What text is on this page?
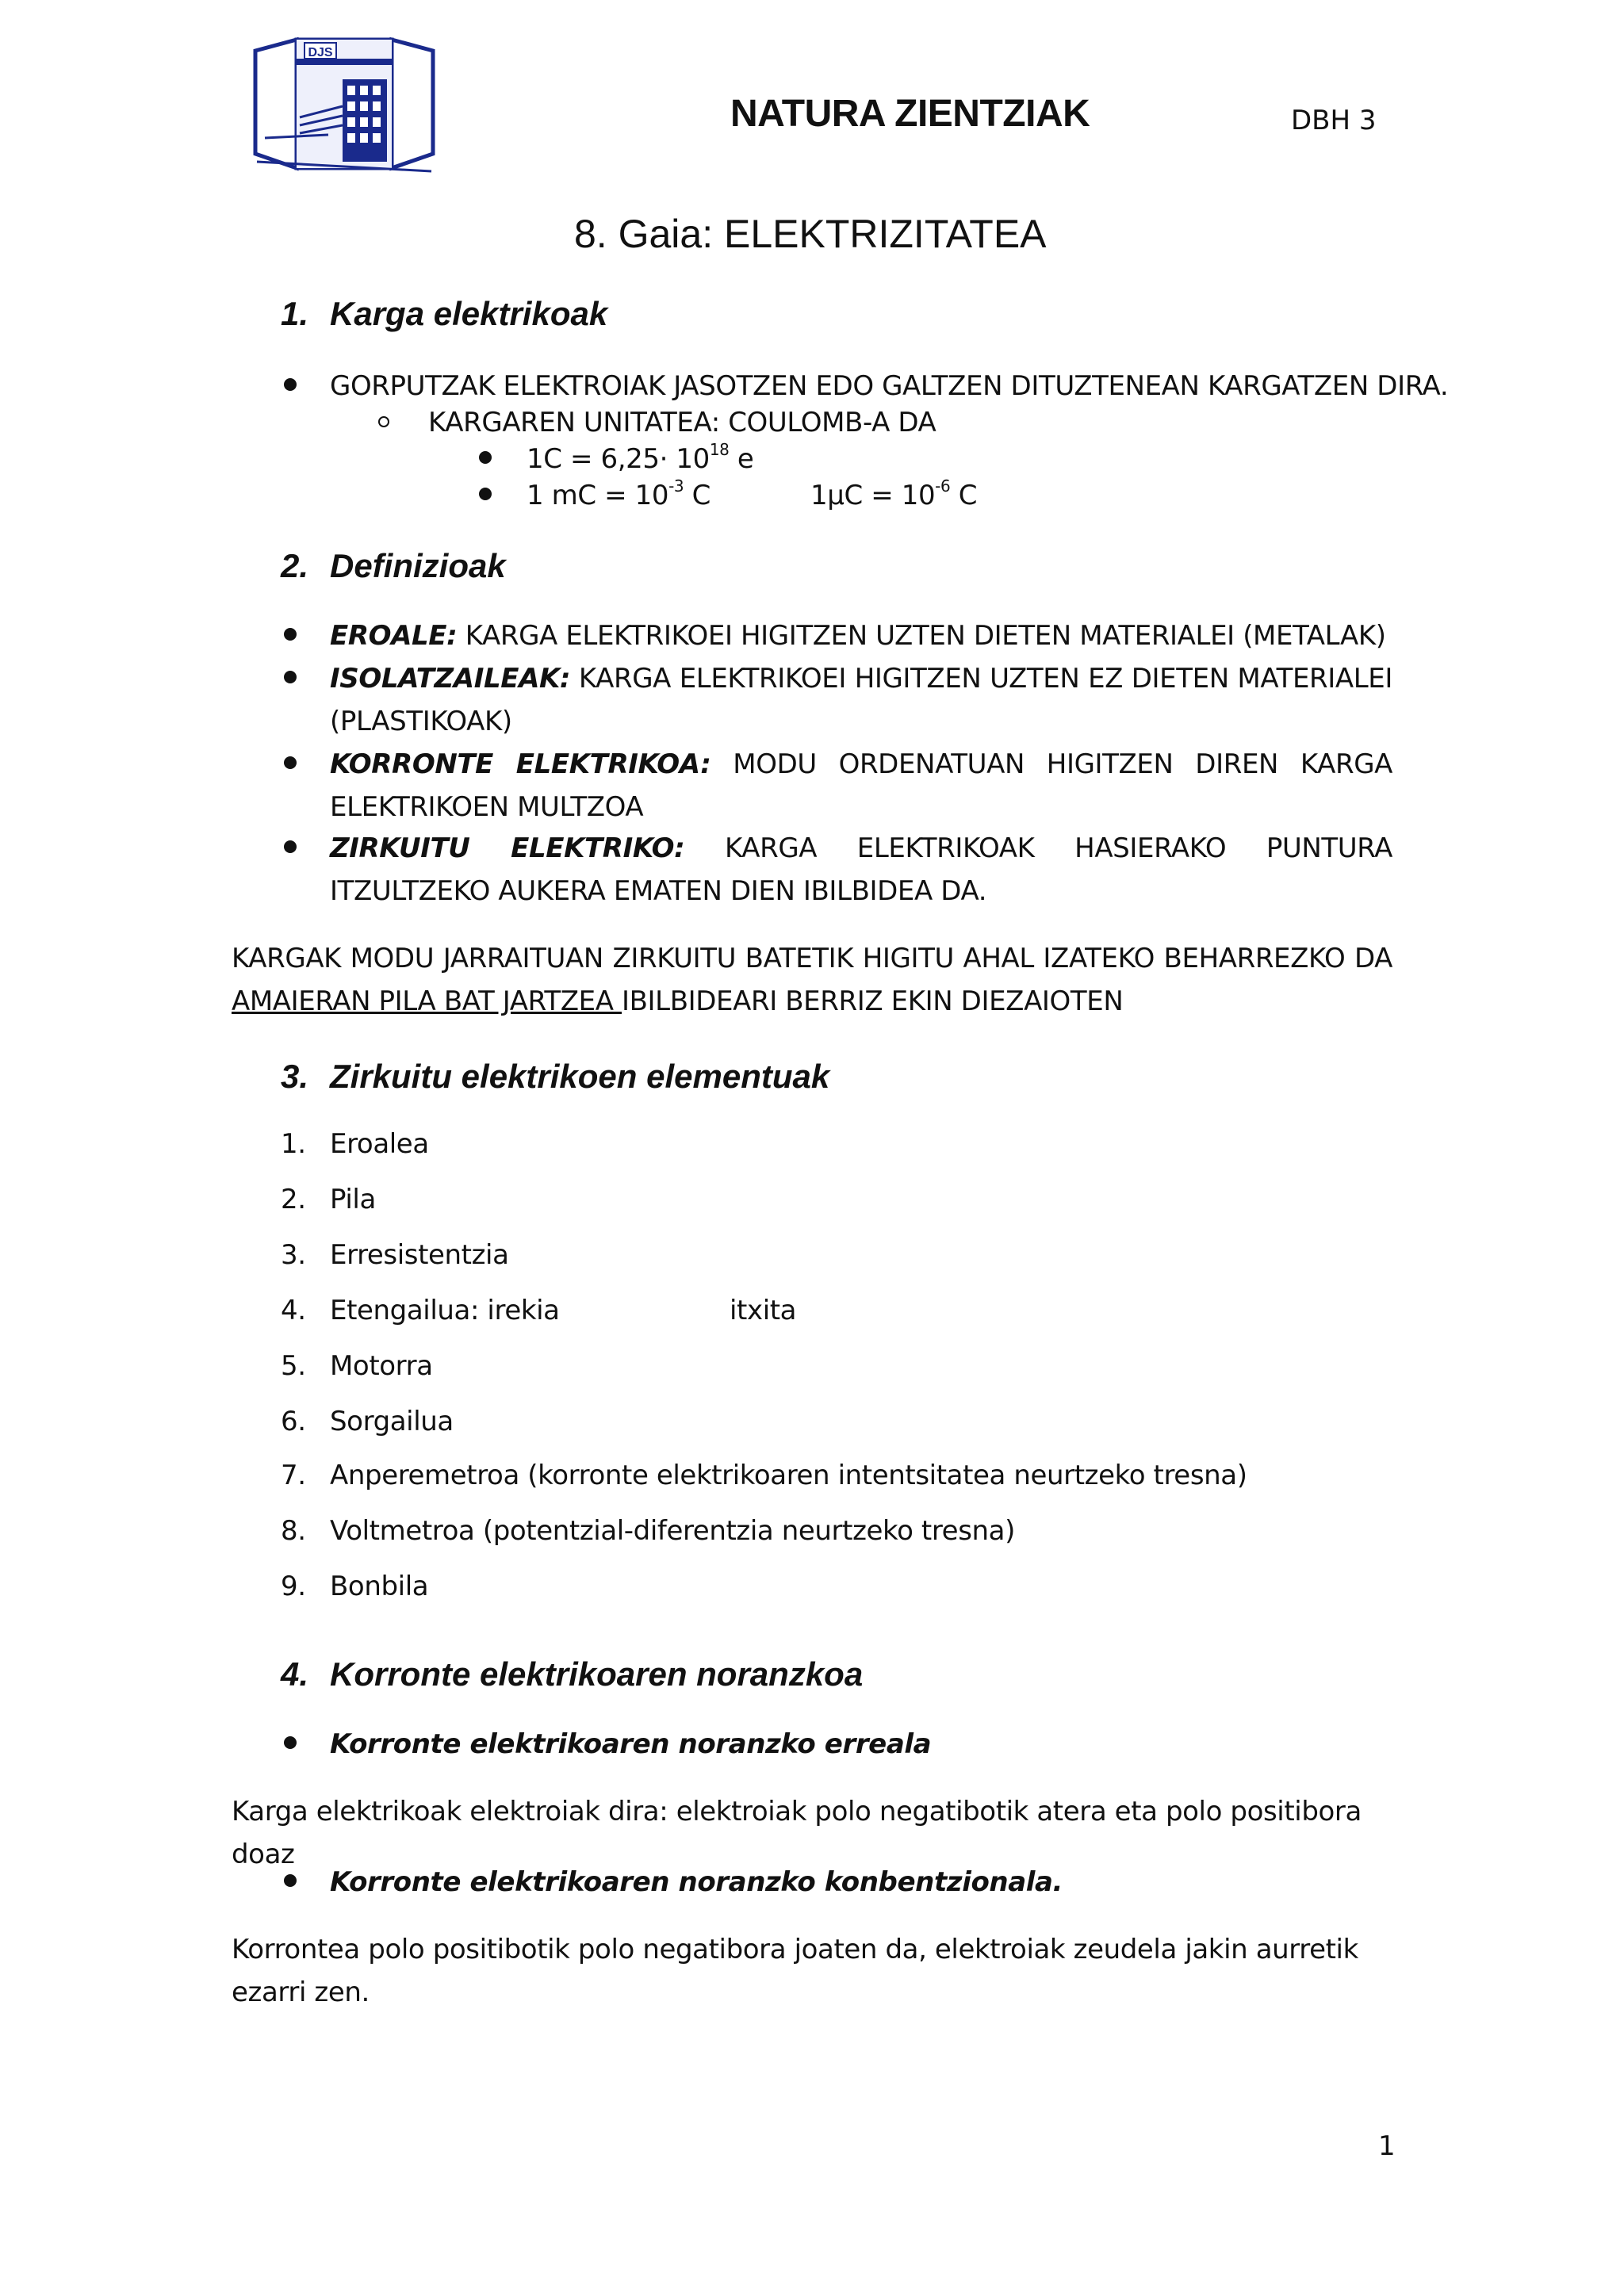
DJS
NATURA ZIENTZIAK	DBH 3
8. Gaia: ELEKTRIZITATEA
1. Karga elektrikoak
GORPUTZAK ELEKTROIAK JASOTZEN EDO GALTZEN DITUZTENEAN KARGATZEN DIRA.
KARGAREN UNITATEA: COULOMB-A DA
$1C = 6,25\cdot 10^{18}$ e
1 mC = $10^{-3}$ C	$1\mu C = 10^{-6}$ C
2. Definizioak
EROALE: KARGA ELEKTRIKOEI HIGITZEN UZTEN DIETEN MATERIALEI (METALAK)
ISOLATZAILEAK: KARGA ELEKTRIKOEI HIGITZEN UZTEN EZ DIETEN MATERIALEI (PLASTIKOAK)
KORRONTE ELEKTRIKOA: MODU ORDENATUAN HIGITZEN DIREN KARGA ELEKTRIKOEN MULTZOA
ZIRKUITU ELEKTRIKO: KARGA ELEKTRIKOAK HASIERAKO PUNTURA ITZULTZEKO AUKERA EMATEN DIEN IBILBIDEA DA.
KARGAK MODU JARRAITUAN ZIRKUITU BATETIK HIGITU AHAL IZATEKO BEHARREZKO DA AMAIERAN PILA BAT JARTZEA IBILBIDEARI BERRIZ EKIN DIEZAIOTEN
3. Zirkuitu elektrikoen elementuak
1. Eroalea
2. Pila
3. Erresistentzia
4. Etengailua: irekia
5. Motorra
6. Sorgailua
7. Anperemetroa (korronte elektrikoaren intentsitatea neurtzeko tresna)
8. Voltmetroa (potentzial-diferentzia neurtzeko tresna)
9. Bonbila
itxita
4. Korronte elektrikoaren noranzkoa
Korronte elektrikoaren noranzko erreala
Karga elektrikoak elektroiak dira: elektroiak polo negatibotik atera eta polo positibora doaz
Korronte elektrikoaren noranzko konbentzionala.
Korrontea polo positibotik polo negatibora joaten da, elektroiak zeudela jakin aurretik ezarri zen.
1
